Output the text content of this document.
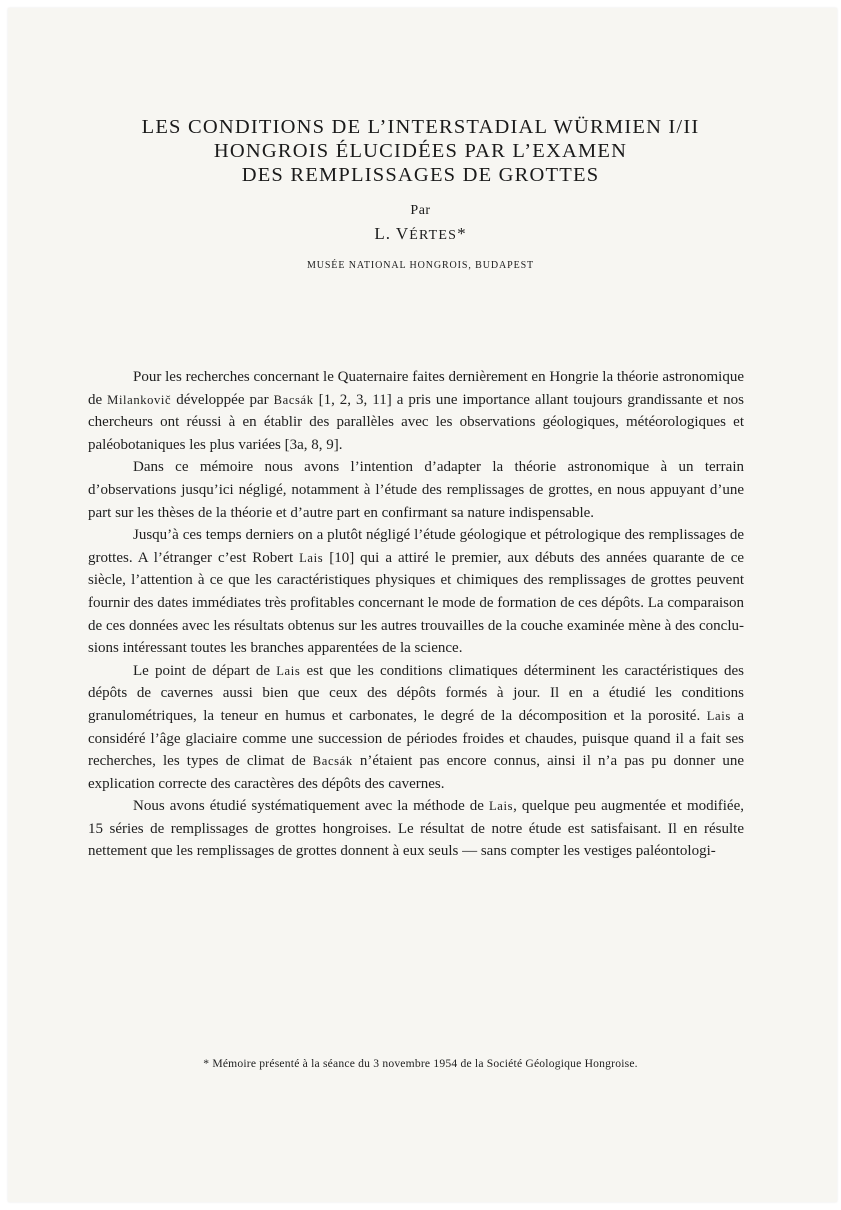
LES CONDITIONS DE L’INTERSTADIAL WÜRMIEN I/II
HONGROIS ÉLUCIDÉES PAR L’EXAMEN
DES REMPLISSAGES DE GROTTES
Par
L. VÉRTES*
MUSÉE NATIONAL HONGROIS, BUDAPEST

Pour les recherches concernant le Quaternaire faites dernièrement en Hongrie la théorie astronomique de Milankovič développée par Bacsák [1, 2, 3, 11] a pris une importance allant toujours grandissante et nos chercheurs ont réussi à en établir des parallèles avec les observations géologiques, météorologiques et paléobotaniques les plus variées [3a, 8, 9].

Dans ce mémoire nous avons l’intention d’adapter la théorie astronomique à un terrain d’observations jusqu’ici négligé, notamment à l’étude des remplissages de grottes, en nous appuyant d’une part sur les thèses de la théorie et d’autre part en confirmant sa nature indispensable.

Jusqu’à ces temps derniers on a plutôt négligé l’étude géologique et pétrologique des remplissages de grottes. A l’étranger c’est Robert Lais [10] qui a attiré le premier, aux débuts des années quarante de ce siècle, l’attention à ce que les caractéristiques physiques et chimiques des remplissages de grottes peuvent fournir des dates immédiates très profitables concernant le mode de formation de ces dépôts. La comparaison de ces données avec les résultats obtenus sur les autres trouvailles de la couche examinée mène à des conclusions intéressant toutes les branches apparentées de la science.

Le point de départ de Lais est que les conditions climatiques déterminent les caractéristiques des dépôts de cavernes aussi bien que ceux des dépôts formés à jour. Il en a étudié les conditions granulométriques, la teneur en humus et carbonates, le degré de la décomposition et la porosité. Lais a considéré l’âge glaciaire comme une succession de périodes froides et chaudes, puisque quand il a fait ses recherches, les types de climat de Bacsák n’étaient pas encore connus, ainsi il n’a pas pu donner une explication correcte des caractères des dépôts des cavernes.

Nous avons étudié systématiquement avec la méthode de Lais, quelque peu augmentée et modifiée, 15 séries de remplissages de grottes hongroises. Le résultat de notre étude est satisfaisant. Il en résulte nettement que les remplissages de grottes donnent à eux seuls — sans compter les vestiges paléontologi-

* Mémoire présenté à la séance du 3 novembre 1954 de la Société Géologique Hongroise.
